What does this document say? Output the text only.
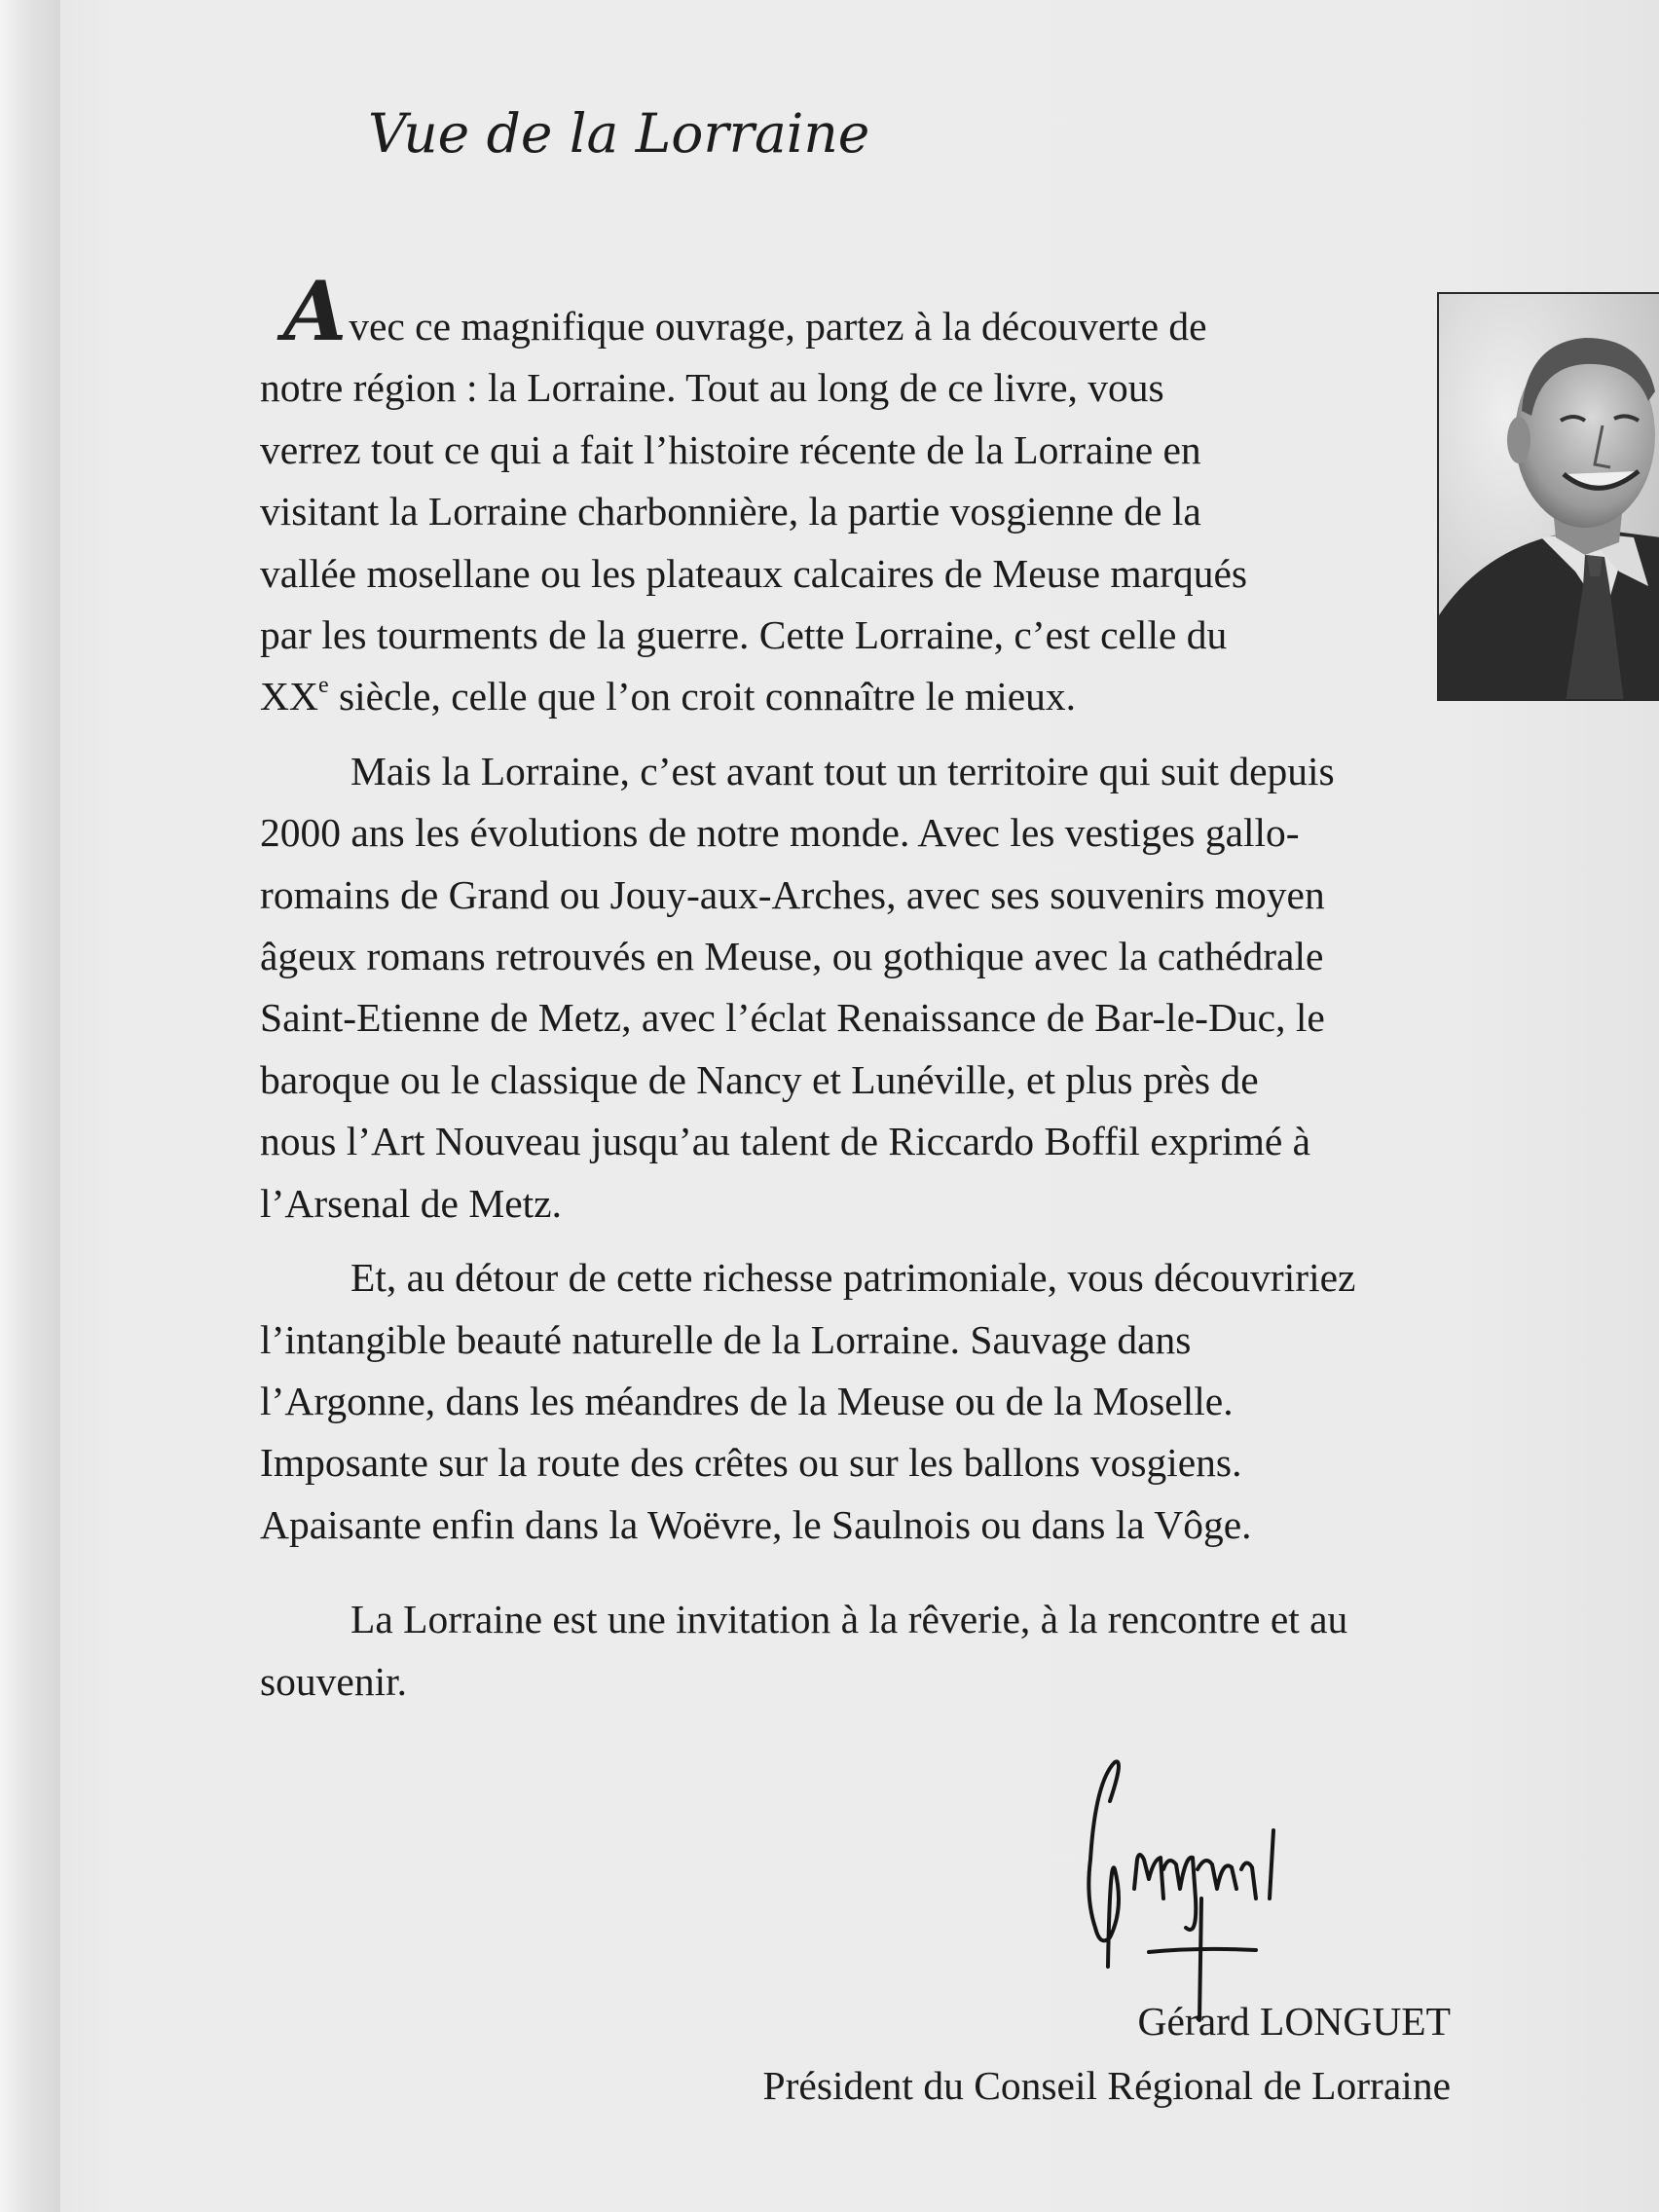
Vue de la Lorraine
Avec ce magnifique ouvrage, partez à la découverte de
notre région : la Lorraine. Tout au long de ce livre, vous
verrez tout ce qui a fait l’histoire récente de la Lorraine en
visitant la Lorraine charbonnière, la partie vosgienne de la
vallée mosellane ou les plateaux calcaires de Meuse marqués
par les tourments de la guerre. Cette Lorraine, c’est celle du
XXe siècle, celle que l’on croit connaître le mieux.
Mais la Lorraine, c’est avant tout un territoire qui suit depuis
2000 ans les évolutions de notre monde. Avec les vestiges gallo-
romains de Grand ou Jouy-aux-Arches, avec ses souvenirs moyen
âgeux romans retrouvés en Meuse, ou gothique avec la cathédrale
Saint-Etienne de Metz, avec l’éclat Renaissance de Bar-le-Duc, le
baroque ou le classique de Nancy et Lunéville, et plus près de
nous l’Art Nouveau jusqu’au talent de Riccardo Boffil exprimé à
l’Arsenal de Metz.
Et, au détour de cette richesse patrimoniale, vous découvririez
l’intangible beauté naturelle de la Lorraine. Sauvage dans
l’Argonne, dans les méandres de la Meuse ou de la Moselle.
Imposante sur la route des crêtes ou sur les ballons vosgiens.
Apaisante enfin dans la Woëvre, le Saulnois ou dans la Vôge.
La Lorraine est une invitation à la rêverie, à la rencontre et au
souvenir.
Gérard LONGUET
Président du Conseil Régional de Lorraine
